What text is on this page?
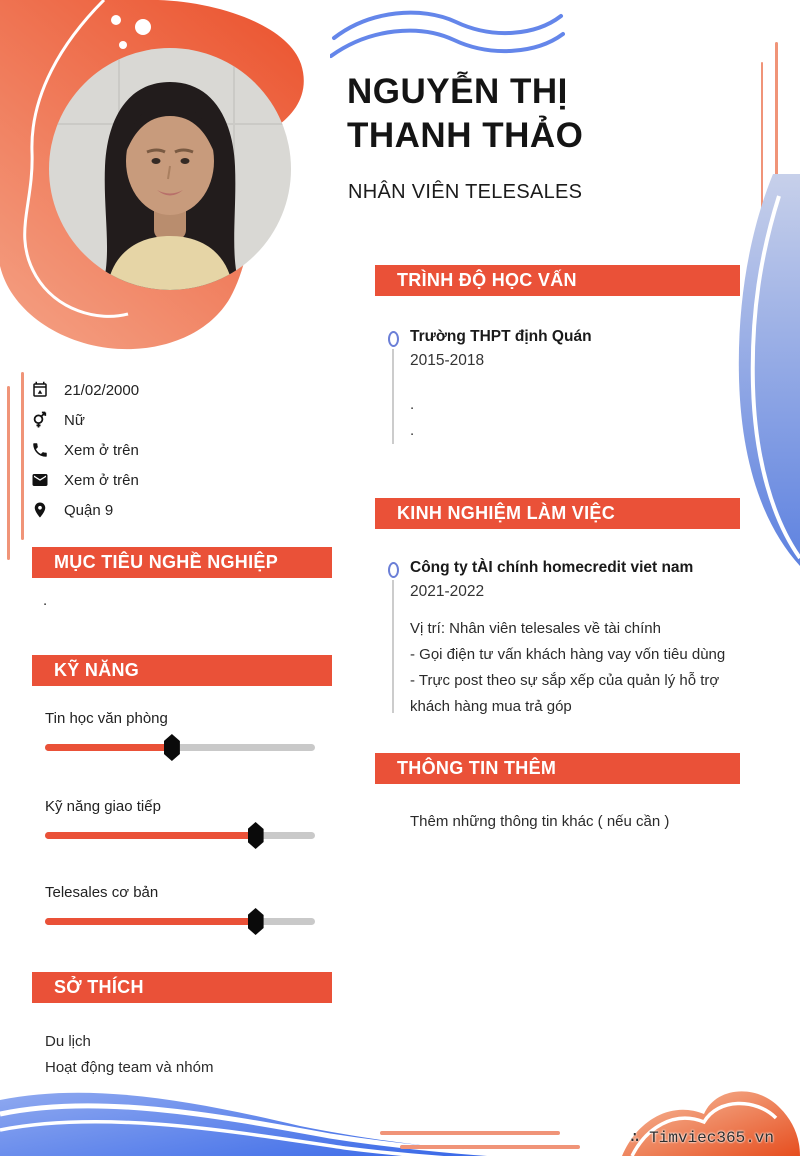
NGUYỄN THỊ
THANH THẢO
NHÂN VIÊN TELESALES
21/02/2000
Nữ
Xem ở trên
Xem ở trên
Quận 9
TRÌNH ĐỘ HỌC VẤN
Trường THPT định Quán
2015-2018
.
.
KINH NGHIỆM LÀM VIỆC
Công ty tÀI chính homecredit viet nam
2021-2022
Vị trí: Nhân viên telesales về tài chính
- Gọi điện tư vấn khách hàng vay vốn tiêu dùng
- Trực post theo sự sắp xếp của quản lý hỗ trợ khách hàng mua trả góp
THÔNG TIN THÊM
Thêm những thông tin khác ( nếu cần )
MỤC TIÊU NGHỀ NGHIỆP
.
KỸ NĂNG
Tin học văn phòng
Kỹ năng giao tiếp
Telesales cơ bản
SỞ THÍCH
Du lịch
Hoạt động team và nhóm
∴ Timviec365.vn
